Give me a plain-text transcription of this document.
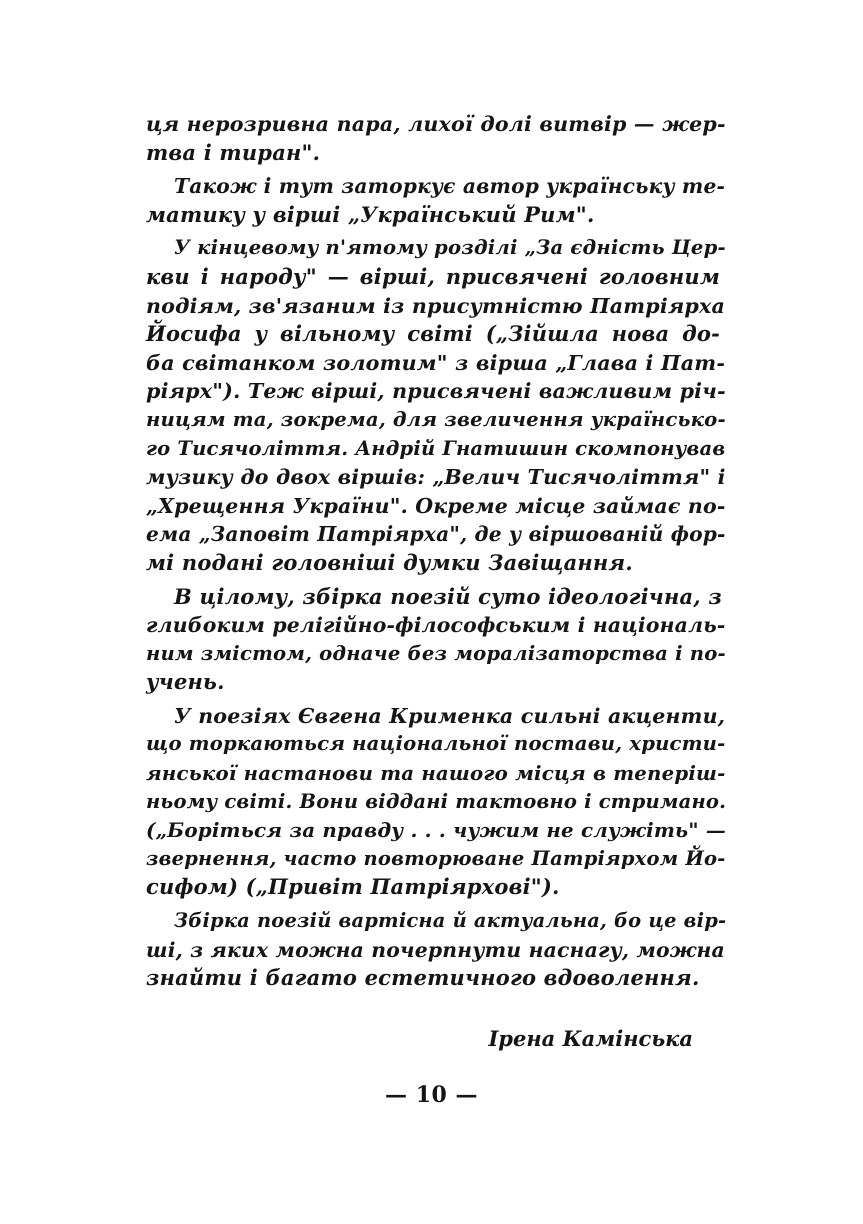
ця нерозривна пара, лихої долі витвір — жер-
тва і тиран".
Також і тут заторкує автор українську те-
матику у вірші „Український Рим".
У кінцевому п'ятому розділі „За єдність Цер-
кви і народу" — вірші, присвячені головним
подіям, зв'язаним із присутністю Патріярха
Йосифа у вільному світі („Зійшла нова до-
ба світанком золотим" з вірша „Глава і Пат-
ріярх"). Теж вірші, присвячені важливим річ-
ницям та, зокрема, для звеличення українсько-
го Тисячоліття. Андрій Гнатишин скомпонував
музику до двох віршів: „Велич Тисячоліття" і
„Хрещення України". Окреме місце займає по-
ема „Заповіт Патріярха", де у віршованій фор-
мі подані головніші думки Завіщання.
В цілому, збірка поезій суто ідеологічна, з
глибоким релігійно-філософським і національ-
ним змістом, одначе без моралізаторства і по-
учень.
У поезіях Євгена Крименка сильні акценти,
що торкаються національної постави, христи-
янської настанови та нашого місця в теперіш-
ньому світі. Вони віддані тактовно і стримано.
(„Боріться за правду . . . чужим не служіть" —
звернення, часто повторюване Патріярхом Йо-
сифом) („Привіт Патріярхові").
Збірка поезій вартісна й актуальна, бо це вір-
ші, з яких можна почерпнути наснагу, можна
знайти і багато естетичного вдоволення.
Ірена Камінська
— 10 —
